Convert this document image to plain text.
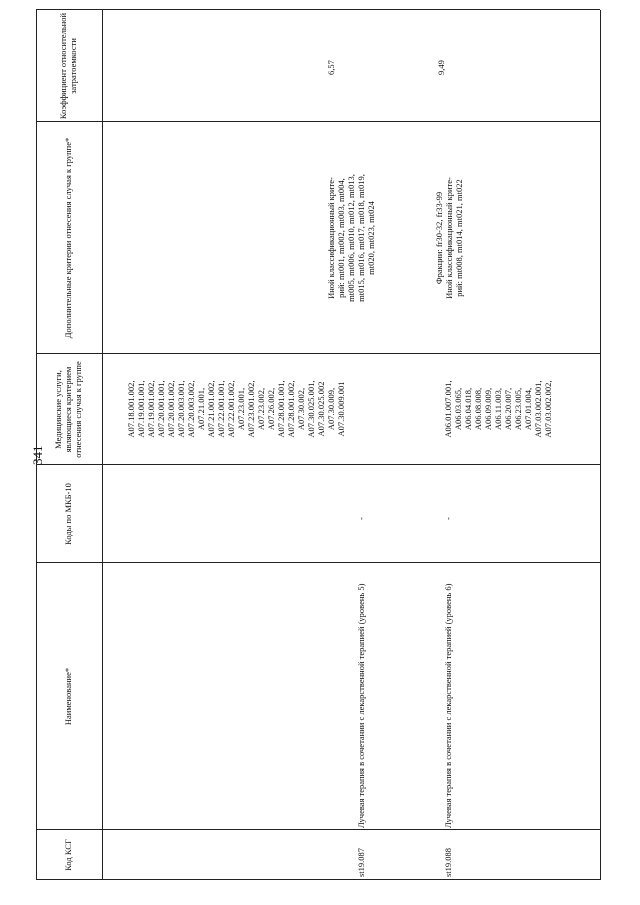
341
Код КСГ
Наименование*
Коды по МКБ-10
Медицинские услуги, являющиеся критерием отнесения случая к группе
Дополнительные критерии отнесения случая к группе*
Коэффициент относительной затратоемкости
st19.087
Лучевая терапия в сочетании с лекарственной терапией (уровень 5)
-
A07.18.001.002, A07.19.001.001, A07.19.001.002, A07.20.001.001, A07.20.001.002, A07.20.003.001, A07.20.003.002, A07.21.001, A07.21.001.002, A07.22.001.001, A07.22.001.002, A07.23.001, A07.23.001.002, A07.23.002, A07.26.002, A07.28.001.001, A07.28.001.002, A07.30.002, A07.30.025.001, A07.30.025.002 A07.30.009, A07.30.009.001
Иной классификационный крите- рий: mt001, mt002, mt003, mt004, mt005, mt006, mt010, mt012, mt013, mt015, mt016, mt017, mt018, mt019, mt020, mt023, mt024
6,57
st19.088
Лучевая терапия в сочетании с лекарственной терапией (уровень 6)
-
A06.01.007.001, A06.03.065, A06.04.018, A06.08.008, A06.09.009, A06.11.003, A06.20.007, A06.23.005, A07.01.004, A07.03.002.001, A07.03.002.002,
Фракции: fr30-32, fr33-99 Иной классификационный крите- рий: mt008, mt014, mt021, mt022
9,49
